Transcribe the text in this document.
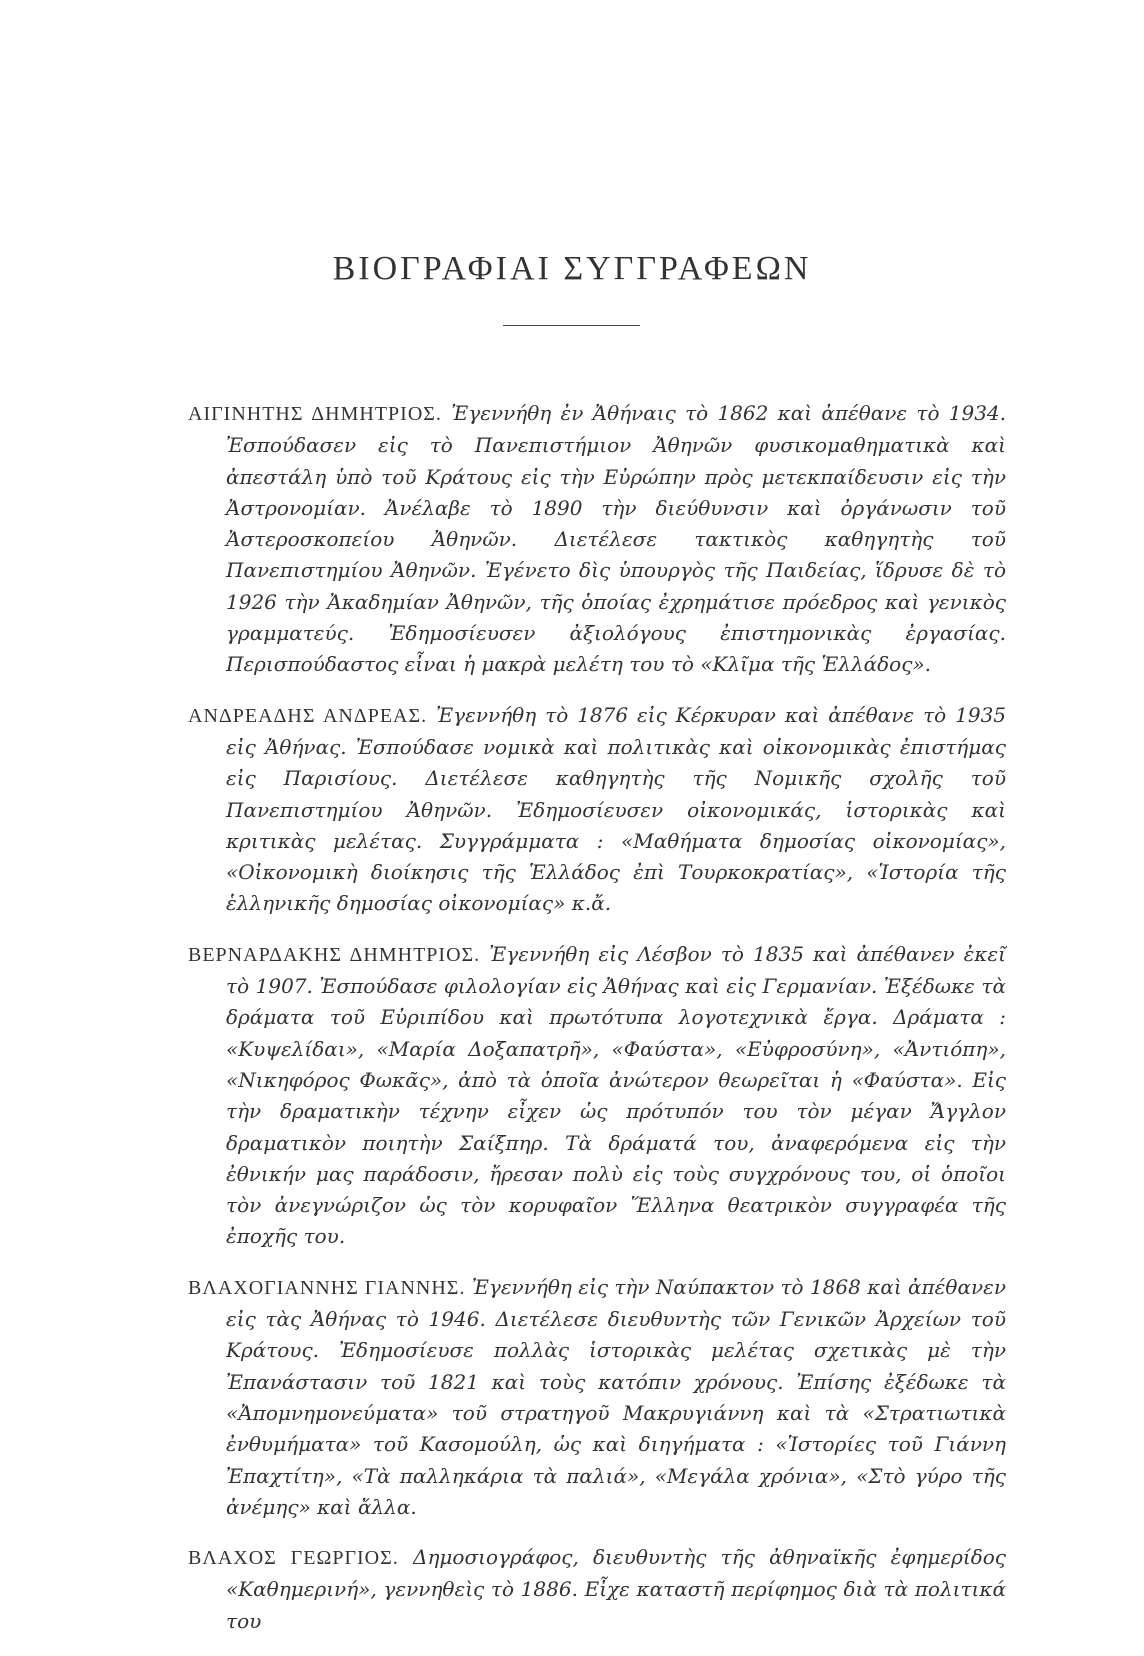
ΒΙΟΓΡΑΦΙΑΙ ΣΥΓΓΡΑΦΕΩΝ

ΑΙΓΙΝΗΤΗΣ ΔΗΜΗΤΡΙΟΣ. Ἐγεννήθη ἐν Ἀθήναις τὸ 1862 καὶ ἀπέθανε τὸ 1934. Ἐσπούδασεν εἰς τὸ Πανεπιστήμιον Ἀθηνῶν φυσικομαθηματικὰ καὶ ἀπεστάλη ὑπὸ τοῦ Κράτους εἰς τὴν Εὐρώπην πρὸς μετεκπαίδευσιν εἰς τὴν Ἀστρονομίαν. Ἀνέλαβε τὸ 1890 τὴν διεύθυνσιν καὶ ὀργάνωσιν τοῦ Ἀστεροσκοπείου Ἀθηνῶν. Διετέλεσε τακτικὸς καθηγητὴς τοῦ Πανεπιστημίου Ἀθηνῶν. Ἐγένετο δὶς ὑπουργὸς τῆς Παιδείας, ἵδρυσε δὲ τὸ 1926 τὴν Ἀκαδημίαν Ἀθηνῶν, τῆς ὁποίας ἐχρημάτισε πρόεδρος καὶ γενικὸς γραμματεύς. Ἐδημοσίευσεν ἀξιολόγους ἐπιστημονικὰς ἐργασίας. Περισπούδαστος εἶναι ἡ μακρὰ μελέτη του τὸ «Κλῖμα τῆς Ἑλλάδος».

ΑΝΔΡΕΑΔΗΣ ΑΝΔΡΕΑΣ. Ἐγεννήθη τὸ 1876 εἰς Κέρκυραν καὶ ἀπέθανε τὸ 1935 εἰς Ἀθήνας. Ἐσπούδασε νομικὰ καὶ πολιτικὰς καὶ οἰκονομικὰς ἐπιστήμας εἰς Παρισίους. Διετέλεσε καθηγητὴς τῆς Νομικῆς σχολῆς τοῦ Πανεπιστημίου Ἀθηνῶν. Ἐδημοσίευσεν οἰκονομικάς, ἱστορικὰς καὶ κριτικὰς μελέτας. Συγγράμματα : «Μαθήματα δημοσίας οἰκονομίας», «Οἰκονομικὴ διοίκησις τῆς Ἑλλάδος ἐπὶ Τουρκοκρατίας», «Ἱστορία τῆς ἑλληνικῆς δημοσίας οἰκονομίας» κ.ἄ.

ΒΕΡΝΑΡΔΑΚΗΣ ΔΗΜΗΤΡΙΟΣ. Ἐγεννήθη εἰς Λέσβον τὸ 1835 καὶ ἀπέθανεν ἐκεῖ τὸ 1907. Ἐσπούδασε φιλολογίαν εἰς Ἀθήνας καὶ εἰς Γερμανίαν. Ἐξέδωκε τὰ δράματα τοῦ Εὐριπίδου καὶ πρωτότυπα λογοτεχνικὰ ἔργα. Δράματα : «Κυψελίδαι», «Μαρία Δοξαπατρῆ», «Φαύστα», «Εὐφροσύνη», «Ἀντιόπη», «Νικηφόρος Φωκᾶς», ἀπὸ τὰ ὁποῖα ἀνώτερον θεωρεῖται ἡ «Φαύστα». Εἰς τὴν δραματικὴν τέχνην εἶχεν ὡς πρότυπόν του τὸν μέγαν Ἄγγλον δραματικὸν ποιητὴν Σαίξπηρ. Τὰ δράματά του, ἀναφερόμενα εἰς τὴν ἐθνικήν μας παράδοσιν, ἤρεσαν πολὺ εἰς τοὺς συγχρόνους του, οἱ ὁποῖοι τὸν ἀνεγνώριζον ὡς τὸν κορυφαῖον Ἕλληνα θεατρικὸν συγγραφέα τῆς ἐποχῆς του.

ΒΛΑΧΟΓΙΑΝΝΗΣ ΓΙΑΝΝΗΣ. Ἐγεννήθη εἰς τὴν Ναύπακτον τὸ 1868 καὶ ἀπέθανεν εἰς τὰς Ἀθήνας τὸ 1946. Διετέλεσε διευθυντὴς τῶν Γενικῶν Ἀρχείων τοῦ Κράτους. Ἐδημοσίευσε πολλὰς ἱστορικὰς μελέτας σχετικὰς μὲ τὴν Ἐπανάστασιν τοῦ 1821 καὶ τοὺς κατόπιν χρόνους. Ἐπίσης ἐξέδωκε τὰ «Ἀπομνημονεύματα» τοῦ στρατηγοῦ Μακρυγιάννη καὶ τὰ «Στρατιωτικὰ ἐνθυμήματα» τοῦ Κασομούλη, ὡς καὶ διηγήματα : «Ἱστορίες τοῦ Γιάννη Ἐπαχτίτη», «Τὰ παλληκάρια τὰ παλιά», «Μεγάλα χρόνια», «Στὸ γύρο τῆς ἀνέμης» καὶ ἄλλα.

ΒΛΑΧΟΣ ΓΕΩΡΓΙΟΣ. Δημοσιογράφος, διευθυντὴς τῆς ἀθηναϊκῆς ἐφημερίδος «Καθημερινή», γεννηθεὶς τὸ 1886. Εἶχε καταστῆ περίφημος διὰ τὰ πολιτικά του
